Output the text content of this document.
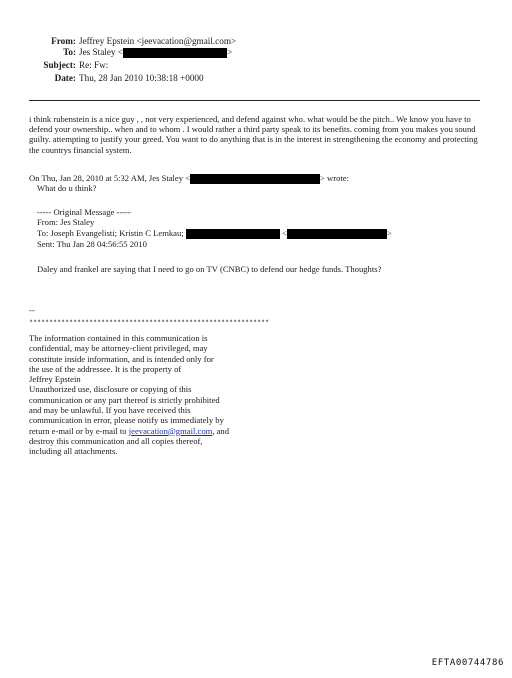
From: Jeffrey Epstein <jeevacation@gmail.com>
To: Jes Staley <	>
Subject: Re: Fw:
Date: Thu, 28 Jan 2010 10:38:18 +0000
i think rubenstein is a nice guy , , not very experienced, and defend against who. what would be the pitch.. We know you have to defend your ownership.. when and to whom . I would rather a third party speak to its benefits. coming from you makes you sound guilty. attempting to justify your greed. You want to do anything that is in the interest in strengthening the economy and protecting the countrys financial system.
On Thu, Jan 28, 2010 at 5:32 AM, Jes Staley <	> wrote:
What do u think?
----- Original Message -----
From: Jes Staley
To: Joseph Evangelisti; Kristin C Lemkau;	<	>
Sent: Thu Jan 28 04:56:55 2010
Daley and frankel are saying that I need to go on TV (CNBC) to defend our hedge funds. Thoughts?
--
************************************************************
The information contained in this communication is
confidential, may be attorney-client privileged, may
constitute inside information, and is intended only for
the use of the addressee. It is the property of
Jeffrey Epstein
Unauthorized use, disclosure or copying of this
communication or any part thereof is strictly prohibited
and may be unlawful. If you have received this
communication in error, please notify us immediately by
return e-mail or by e-mail to jeevacation@gmail.com, and
destroy this communication and all copies thereof,
including all attachments.
EFTA00744786
